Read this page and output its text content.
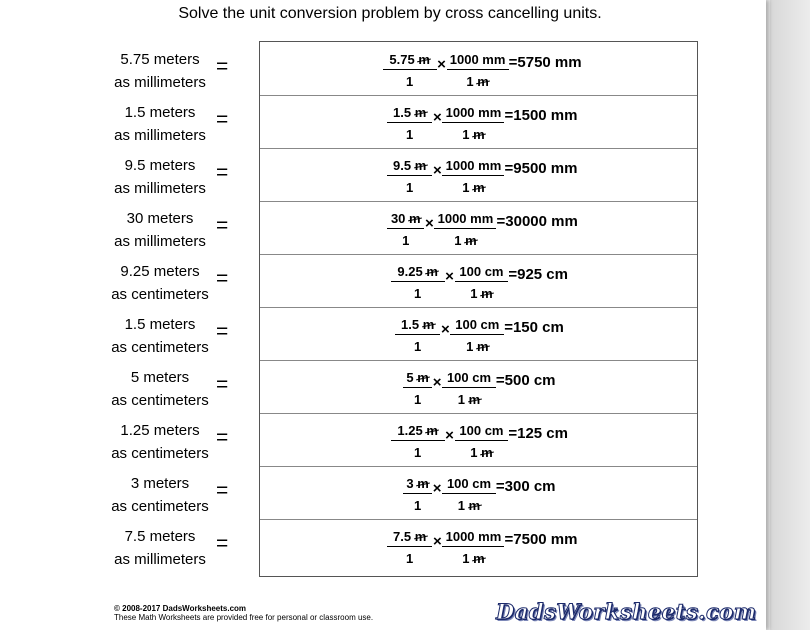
Solve the unit conversion problem by cross cancelling units.
5.75 meters
as millimeters
=
1.5 meters
as millimeters
=
9.5 meters
as millimeters
=
30 meters
as millimeters
=
9.25 meters
as centimeters
=
1.5 meters
as centimeters
=
5 meters
as centimeters
=
1.25 meters
as centimeters
=
3 meters
as centimeters
=
7.5 meters
as millimeters
=
5.75 m
1
× 1000 mm
1 m
=5750 mm
1.5 m
1
× 1000 mm
1 m
=1500 mm
9.5 m
1
× 1000 mm
1 m
=9500 mm
30 m
1
× 1000 mm
1 m
=30000 mm
9.25 m
1
× 100 cm
1 m
=925 cm
1.5 m
1
× 100 cm
1 m
=150 cm
5 m
1
× 100 cm
1 m
=500 cm
1.25 m
1
× 100 cm
1 m
=125 cm
3 m
1
× 100 cm
1 m
=300 cm
7.5 m
1
× 1000 mm
1 m
=7500 mm
© 2008-2017 DadsWorksheets.com
These Math Worksheets are provided free for personal or classroom use.	DadsWorksheets.com
